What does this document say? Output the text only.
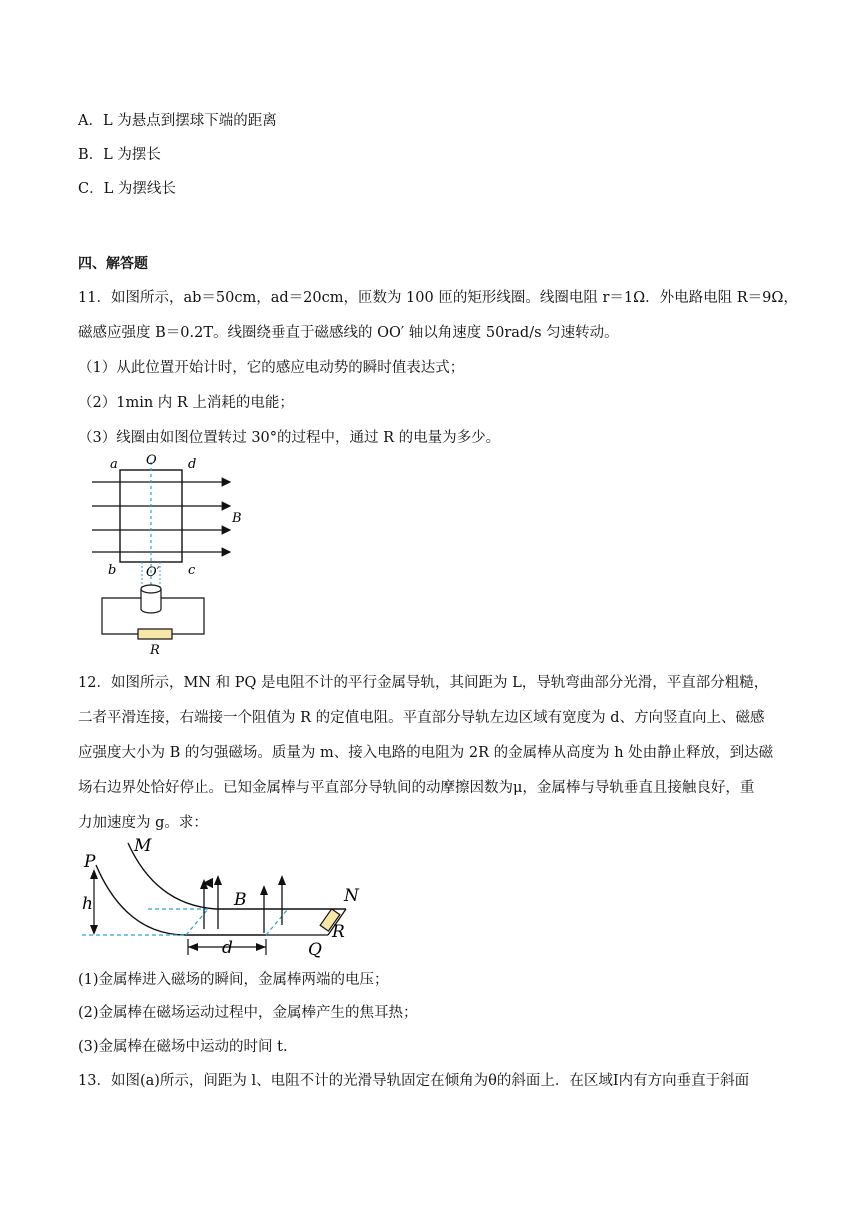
A．L 为悬点到摆球下端的距离
B．L 为摆长
C．L 为摆线长
四、解答题
11．如图所示，ab＝50cm，ad＝20cm，匝数为 100 匝的矩形线圈。线圈电阻 r＝1Ω．外电路电阻 R＝9Ω，
磁感应强度 B＝0.2T。线圈绕垂直于磁感线的 OO′ 轴以角速度 50rad/s 匀速转动。
（1）从此位置开始计时，它的感应电动势的瞬时值表达式；
（2）1min 内 R 上消耗的电能；
（3）线圈由如图位置转过 30°的过程中，通过 R 的电量为多少。
a O d
B
b O′ c
R
12．如图所示，MN 和 PQ 是电阻不计的平行金属导轨，其间距为 L，导轨弯曲部分光滑，平直部分粗糙，
二者平滑连接，右端接一个阻值为 R 的定值电阻。平直部分导轨左边区域有宽度为 d、方向竖直向上、磁感
应强度大小为 B 的匀强磁场。质量为 m、接入电路的电阻为 2R 的金属棒从高度为 h 处由静止释放，到达磁
场右边界处恰好停止。已知金属棒与平直部分导轨间的动摩擦因数为μ，金属棒与导轨垂直且接触良好，重
力加速度为 g。求：
P
M
h	B	N
d	Q
R
(1)金属棒进入磁场的瞬间，金属棒两端的电压；
(2)金属棒在磁场运动过程中，金属棒产生的焦耳热；
(3)金属棒在磁场中运动的时间 t.
13．如图(a)所示，间距为 l、电阻不计的光滑导轨固定在倾角为θ的斜面上．在区域Ⅰ内有方向垂直于斜面
